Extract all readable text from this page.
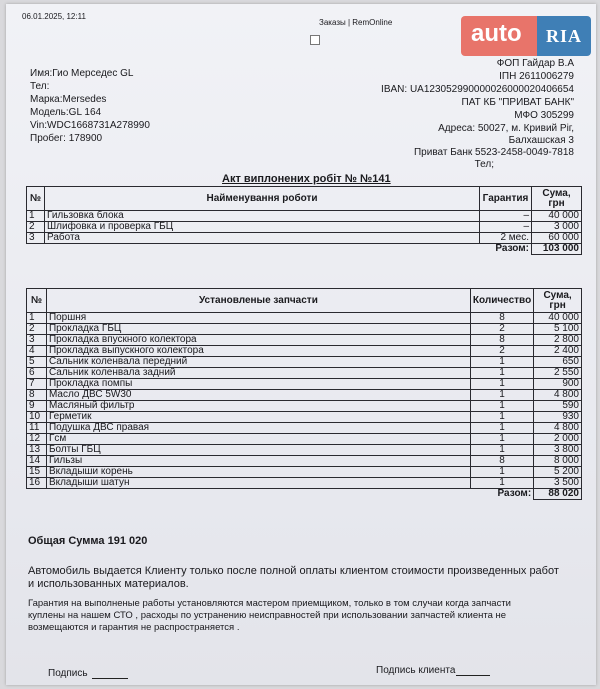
06.01.2025, 12:11
Заказы | RemOnline	auto	RIA
Имя:Гио Мерседес GL
Тел:
Марка:Mersedes
Модель:GL 164
Vin:WDC1668731A278990
Пробег: 178900
ФОП Гайдар В.А
ІПН 2611006279
IBAN: UA123052990000026000020406654
ПАТ КБ "ПРИВАТ БАНК"
МФО 305299
Адреса: 50027, м. Кривий Ріг,
Балхашская 3
Приват Банк 5523-2458-0049-7818
Тел;
Акт виплонених робіт № №141
№	Найменування роботи	Гарантия	Сума, грн
1	Гильзовка блока	–	40 000
2	Шлифовка и проверка ГБЦ	–	3 000
3	Работа	2 мес.	60 000
		Разом:	103 000
№	Установленые запчасти	Количество	Сума, грн
1	Поршня	8	40 000
2	Прокладка ГБЦ	2	5 100
3	Прокладка впускного колектора	8	2 800
4	Прокладка выпускного колектора	2	2 400
5	Сальник коленвала передний	1	650
6	Сальник коленвала задний	1	2 550
7	Прокладка помпы	1	900
8	Масло ДВС 5W30	1	4 800
9	Масляный фильтр	1	590
10	Герметик	1	930
11	Подушка ДВС правая	1	4 800
12	Гсм	1	2 000
13	Болты ГБЦ	1	3 800
14	Гильзы	8	8 000
15	Вкладыши корень	1	5 200
16	Вкладыши шатун	1	3 500
		Разом:	88 020
Общая Сумма 191 020
Автомобиль выдается Клиенту только после полной оплаты клиентом стоимости произведенных работ
и использованных материалов.
Гарантия на выполненые работы установляются мастером приемщиком, только в том случаи когда запчасти
куплены на нашем СТО , расходы по устранению неисправностей при использовании запчастей клиента не
возмещаются и гарантия не распространяется .
Подпись	Подпись клиента
